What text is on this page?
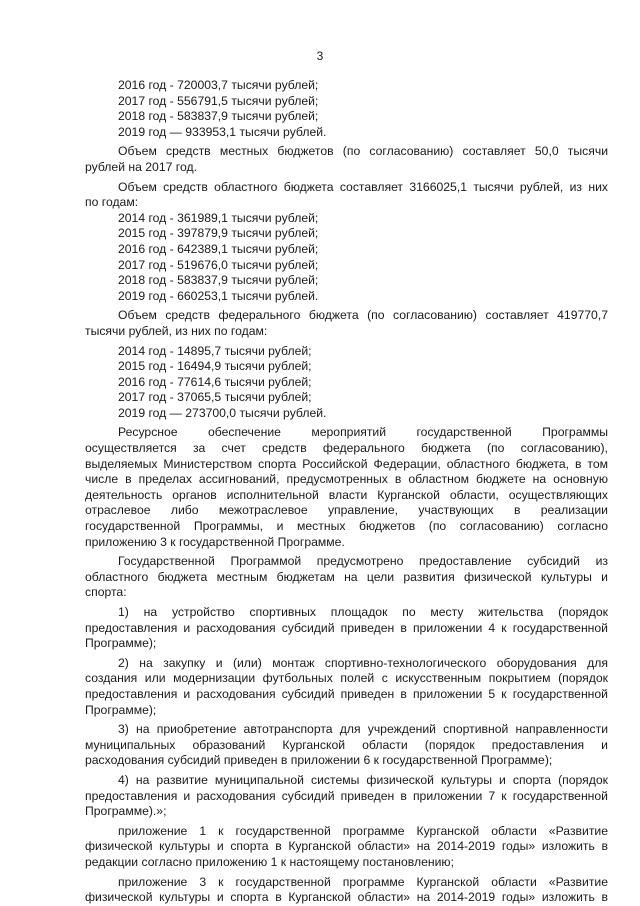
3
2016 год - 720003,7 тысячи рублей;
2017 год - 556791,5 тысячи рублей;
2018 год - 583837,9 тысячи рублей;
2019 год — 933953,1 тысячи рублей.
Объем средств местных бюджетов (по согласованию) составляет 50,0 тысячи
рублей на 2017 год.
Объем средств областного бюджета составляет 3166025,1 тысячи рублей, из них
по годам:
2014 год - 361989,1 тысячи рублей;
2015 год - 397879,9 тысячи рублей;
2016 год - 642389,1 тысячи рублей;
2017 год - 519676,0 тысячи рублей;
2018 год - 583837,9 тысячи рублей;
2019 год - 660253,1 тысячи рублей.
Объем средств федерального бюджета (по согласованию) составляет 419770,7
тысячи рублей, из них по годам:
2014 год - 14895,7 тысячи рублей;
2015 год - 16494,9 тысячи рублей;
2016 год - 77614,6 тысячи рублей;
2017 год - 37065,5 тысячи рублей;
2019 год — 273700,0 тысячи рублей.
Ресурсное обеспечение мероприятий государственной Программы
осуществляется за счет средств федерального бюджета (по согласованию),
выделяемых Министерством спорта Российской Федерации, областного бюджета, в том
числе в пределах ассигнований, предусмотренных в областном бюджете на основную
деятельность органов исполнительной власти Курганской области, осуществляющих
отраслевое либо межотраслевое управление, участвующих в реализации
государственной Программы, и местных бюджетов (по согласованию) согласно
приложению 3 к государственной Программе.
Государственной Программой предусмотрено предоставление субсидий из
областного бюджета местным бюджетам на цели развития физической культуры и
спорта:
1) на устройство спортивных площадок по месту жительства (порядок
предоставления и расходования субсидий приведен в приложении 4 к государственной
Программе);
2) на закупку и (или) монтаж спортивно-технологического оборудования для
создания или модернизации футбольных полей с искусственным покрытием (порядок
предоставления и расходования субсидий приведен в приложении 5 к государственной
Программе);
3) на приобретение автотранспорта для учреждений спортивной направленности
муниципальных образований Курганской области (порядок предоставления и
расходования субсидий приведен в приложении 6 к государственной Программе);
4) на развитие муниципальной системы физической культуры и спорта (порядок
предоставления и расходования субсидий приведен в приложении 7 к государственной
Программе).»;
приложение 1 к государственной программе Курганской области «Развитие
физической культуры и спорта в Курганской области» на 2014-2019 годы» изложить в
редакции согласно приложению 1 к настоящему постановлению;
приложение 3 к государственной программе Курганской области «Развитие
физической культуры и спорта в Курганской области» на 2014-2019 годы» изложить в
